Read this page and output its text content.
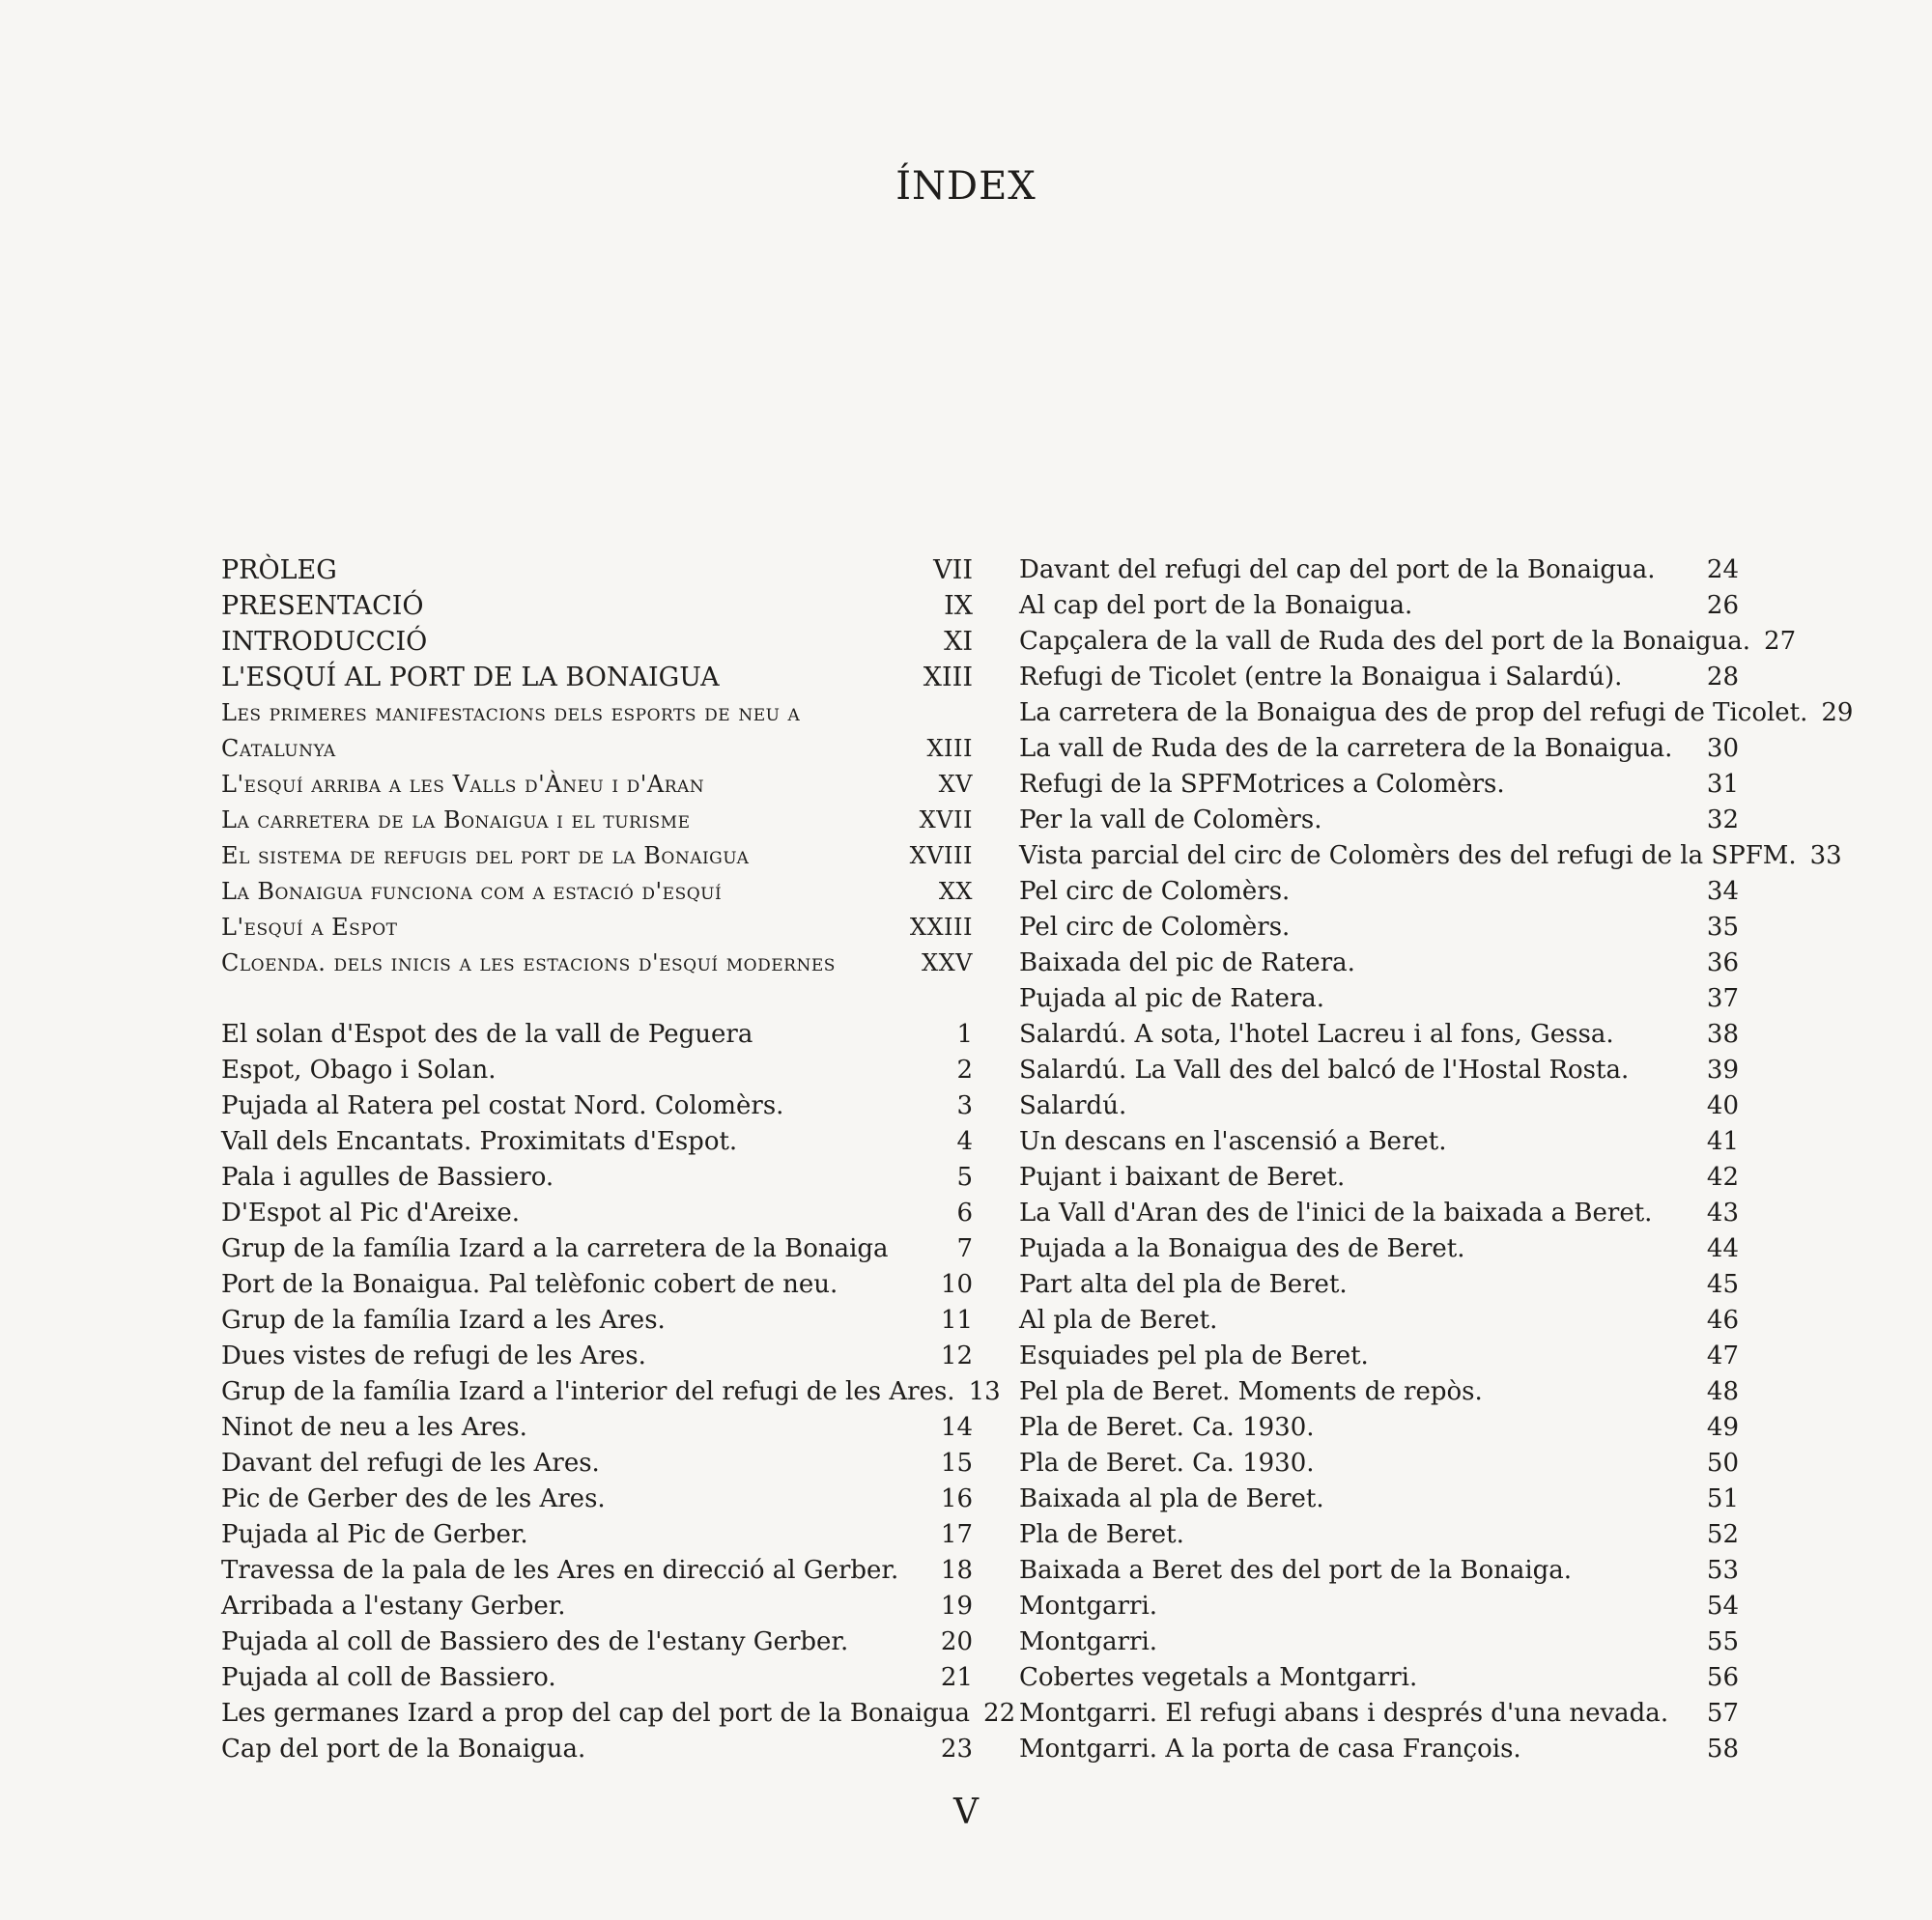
ÍNDEX
PRÒLEG	VII
PRESENTACIÓ	IX
INTRODUCCIÓ	XI
L'ESQUÍ AL PORT DE LA BONAIGUA	XIII
Les primeres manifestacions dels esports de neu a
Catalunya	XIII
L'esquí arriba a les Valls d'Àneu i d'Aran	XV
La carretera de la Bonaigua i el turisme	XVII
El sistema de refugis del port de la Bonaigua	XVIII
La Bonaigua funciona com a estació d'esquí	XX
L'esquí a Espot	XXIII
Cloenda. dels inicis a les estacions d'esquí modernes	XXV
El solan d'Espot des de la vall de Peguera	1
Espot, Obago i Solan.	2
Pujada al Ratera pel costat Nord. Colomèrs.	3
Vall dels Encantats. Proximitats d'Espot.	4
Pala i agulles de Bassiero.	5
D'Espot al Pic d'Areixe.	6
Grup de la família Izard a la carretera de la Bonaiga	7
Port de la Bonaigua. Pal telèfonic cobert de neu.	10
Grup de la família Izard a les Ares.	11
Dues vistes de refugi de les Ares.	12
Grup de la família Izard a l'interior del refugi de les Ares. 13
Ninot de neu a les Ares.	14
Davant del refugi de les Ares.	15
Pic de Gerber des de les Ares.	16
Pujada al Pic de Gerber.	17
Travessa de la pala de les Ares en direcció al Gerber.	18
Arribada a l'estany Gerber.	19
Pujada al coll de Bassiero des de l'estany Gerber.	20
Pujada al coll de Bassiero.	21
Les germanes Izard a prop del cap del port de la Bonaigua 22
Cap del port de la Bonaigua.	23
Davant del refugi del cap del port de la Bonaigua.	24
Al cap del port de la Bonaigua.	26
Capçalera de la vall de Ruda des del port de la Bonaigua. 27
Refugi de Ticolet (entre la Bonaigua i Salardú).	28
La carretera de la Bonaigua des de prop del refugi de Ticolet. 29
La vall de Ruda des de la carretera de la Bonaigua.	30
Refugi de la SPFMotrices a Colomèrs.	31
Per la vall de Colomèrs.	32
Vista parcial del circ de Colomèrs des del refugi de la SPFM. 33
Pel circ de Colomèrs.	34
Pel circ de Colomèrs.	35
Baixada del pic de Ratera.	36
Pujada al pic de Ratera.	37
Salardú. A sota, l'hotel Lacreu i al fons, Gessa.	38
Salardú. La Vall des del balcó de l'Hostal Rosta.	39
Salardú.	40
Un descans en l'ascensió a Beret.	41
Pujant i baixant de Beret.	42
La Vall d'Aran des de l'inici de la baixada a Beret.	43
Pujada a la Bonaigua des de Beret.	44
Part alta del pla de Beret.	45
Al pla de Beret.	46
Esquiades pel pla de Beret.	47
Pel pla de Beret. Moments de repòs.	48
Pla de Beret. Ca. 1930.	49
Pla de Beret. Ca. 1930.	50
Baixada al pla de Beret.	51
Pla de Beret.	52
Baixada a Beret des del port de la Bonaiga.	53
Montgarri.	54
Montgarri.	55
Cobertes vegetals a Montgarri.	56
Montgarri. El refugi abans i després d'una nevada.	57
Montgarri. A la porta de casa François.	58
V
